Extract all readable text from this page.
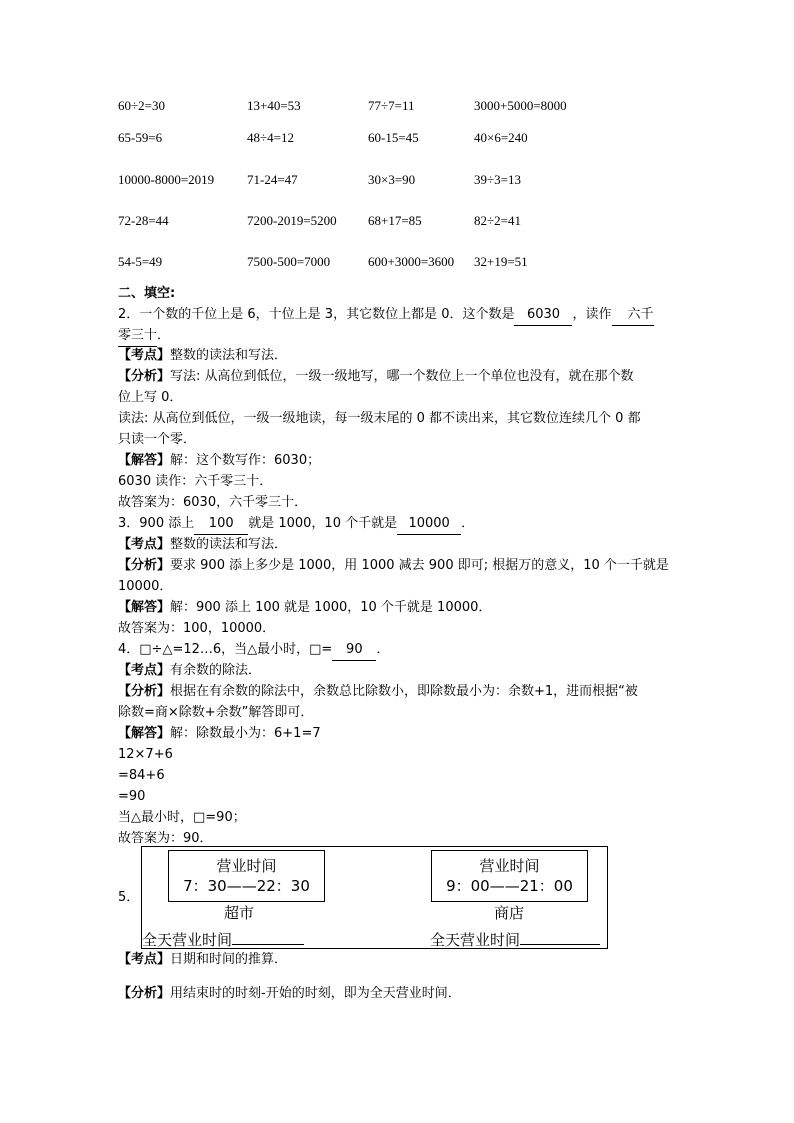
60÷2=30	13+40=53	77÷7=11	3000+5000=8000
65-59=6	48÷4=12	60-15=45	40×6=240
10000-8000=2019	71-24=47	30×3=90	39÷3=13
72-28=44	7200-2019=5200 68+17=85	82÷2=41
54-5=49	7500-500=7000	600+3000=3600 32+19=51
二、填空:
2．一个数的千位上是 6，十位上是 3，其它数位上都是 0．这个数是 6030 ，读作 六千
零三十．
【考点】整数的读法和写法．
【分析】写法: 从高位到低位，一级一级地写，哪一个数位上一个单位也没有，就在那个数
位上写 0．
读法: 从高位到低位，一级一级地读，每一级末尾的 0 都不读出来，其它数位连续几个 0 都
只读一个零．
【解答】解：这个数写作：6030；
6030 读作：六千零三十．
故答案为：6030，六千零三十．
3．900 添上 100 就是 1000，10 个千就是 10000 ．
【考点】整数的读法和写法．
【分析】要求 900 添上多少是 1000，用 1000 减去 900 即可; 根据万的意义，10 个一千就是
10000．
【解答】解：900 添上 100 就是 1000，10 个千就是 10000．
故答案为：100，10000．
4．□÷△=12…6，当△最小时，□= 90 ．
【考点】有余数的除法．
【分析】根据在有余数的除法中，余数总比除数小，即除数最小为：余数+1，进而根据“被
除数=商×除数+余数”解答即可．
【解答】解：除数最小为：6+1=7
12×7+6
=84+6
=90
当△最小时，□=90；
故答案为：90．
5．
营业时间
7：30——22：30
超市
营业时间
9：00——21：00
商店
全天营业时间	全天营业时间
【考点】日期和时间的推算．
【分析】用结束时的时刻-开始的时刻，即为全天营业时间．
